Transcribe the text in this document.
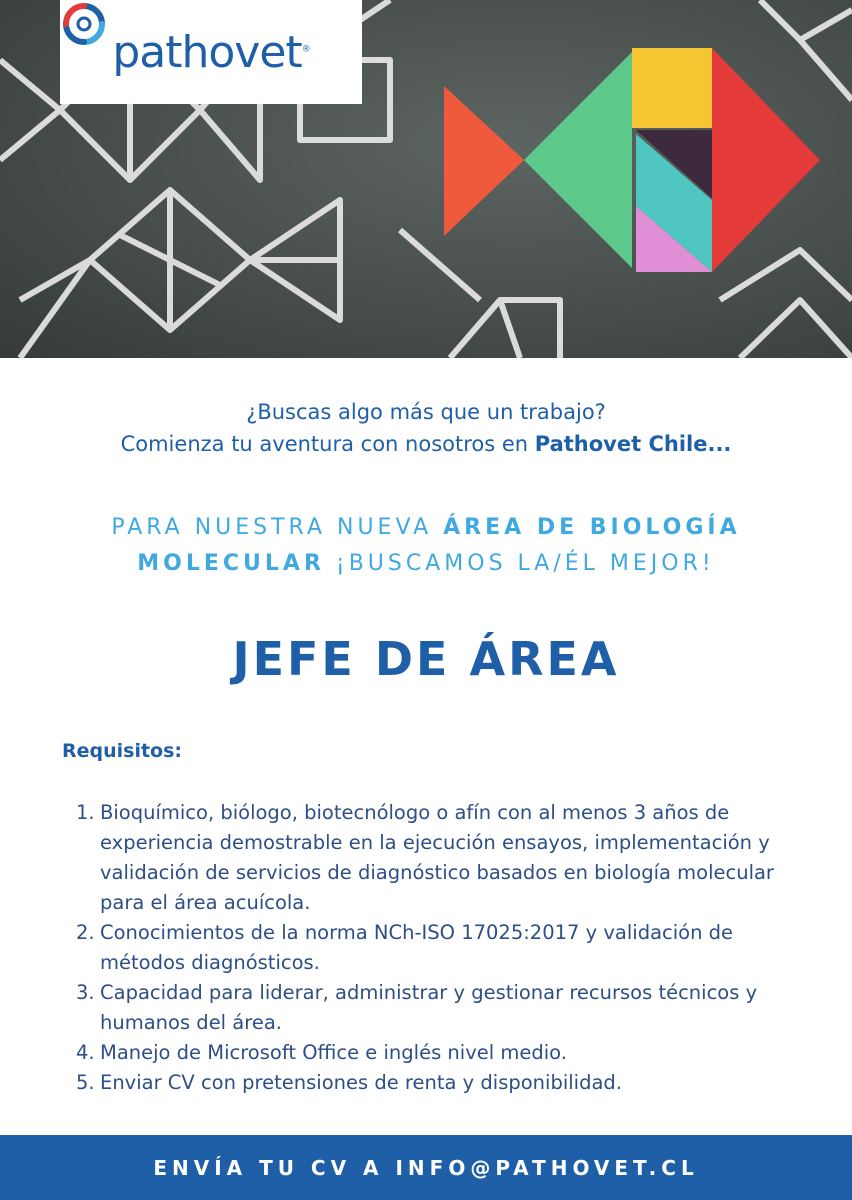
pathovet®
¿Buscas algo más que un trabajo?
Comienza tu aventura con nosotros en Pathovet Chile...
PARA NUESTRA NUEVA ÁREA DE BIOLOGÍA
MOLECULAR ¡BUSCAMOS LA/ÉL MEJOR!
JEFE DE ÁREA
Requisitos:
1. Bioquímico, biólogo, biotecnólogo o afín con al menos 3 años de experiencia demostrable en la ejecución ensayos, implementación y validación de servicios de diagnóstico basados en biología molecular para el área acuícola.
2. Conocimientos de la norma NCh-ISO 17025:2017 y validación de métodos diagnósticos.
3. Capacidad para liderar, administrar y gestionar recursos técnicos y humanos del área.
4. Manejo de Microsoft Office e inglés nivel medio.
5. Enviar CV con pretensiones de renta y disponibilidad.
ENVÍA TU CV A INFO@PATHOVET.CL
